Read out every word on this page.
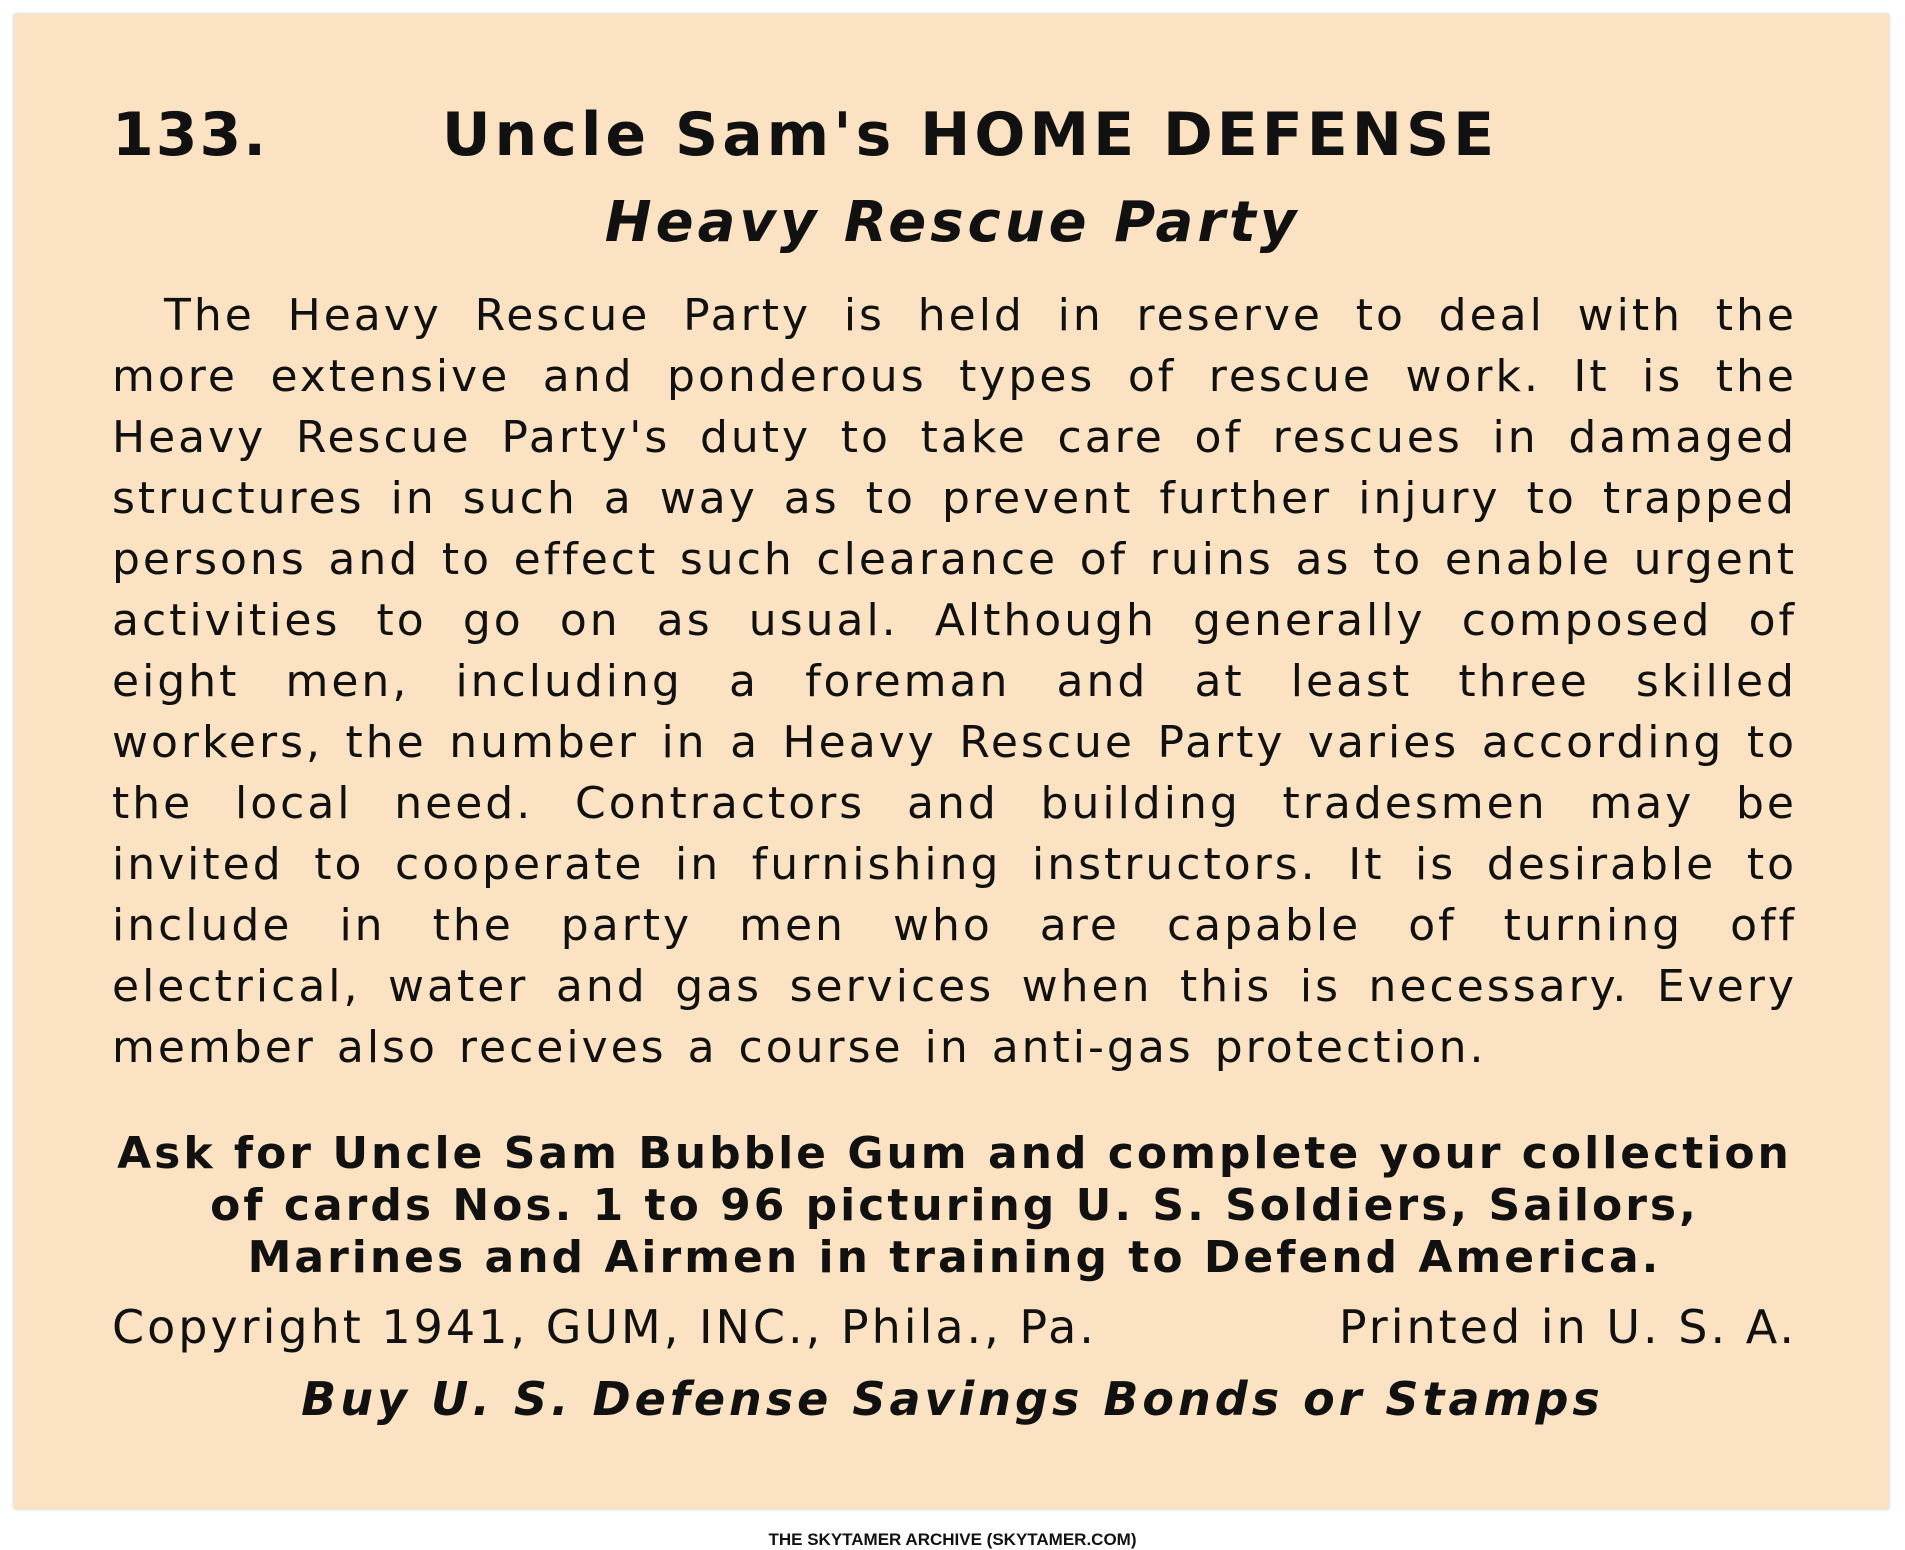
133.	Uncle Sam's HOME DEFENSE
Heavy Rescue Party

The Heavy Rescue Party is held in reserve to deal with the more extensive and ponderous types of rescue work. It is the Heavy Rescue Party's duty to take care of rescues in damaged structures in such a way as to prevent further injury to trapped persons and to effect such clearance of ruins as to enable urgent activities to go on as usual. Although generally composed of eight men, including a foreman and at least three skilled workers, the number in a Heavy Rescue Party varies according to the local need. Contractors and building tradesmen may be invited to cooperate in furnishing instructors. It is desirable to include in the party men who are capable of turning off electrical, water and gas services when this is necessary. Every member also receives a course in anti-gas protection.

Ask for Uncle Sam Bubble Gum and complete your collection of cards Nos. 1 to 96 picturing U. S. Soldiers, Sailors, Marines and Airmen in training to Defend America.

Copyright 1941, GUM, INC., Phila., Pa.	Printed in U. S. A.

Buy U. S. Defense Savings Bonds or Stamps

THE SKYTAMER ARCHIVE (SKYTAMER.COM)
